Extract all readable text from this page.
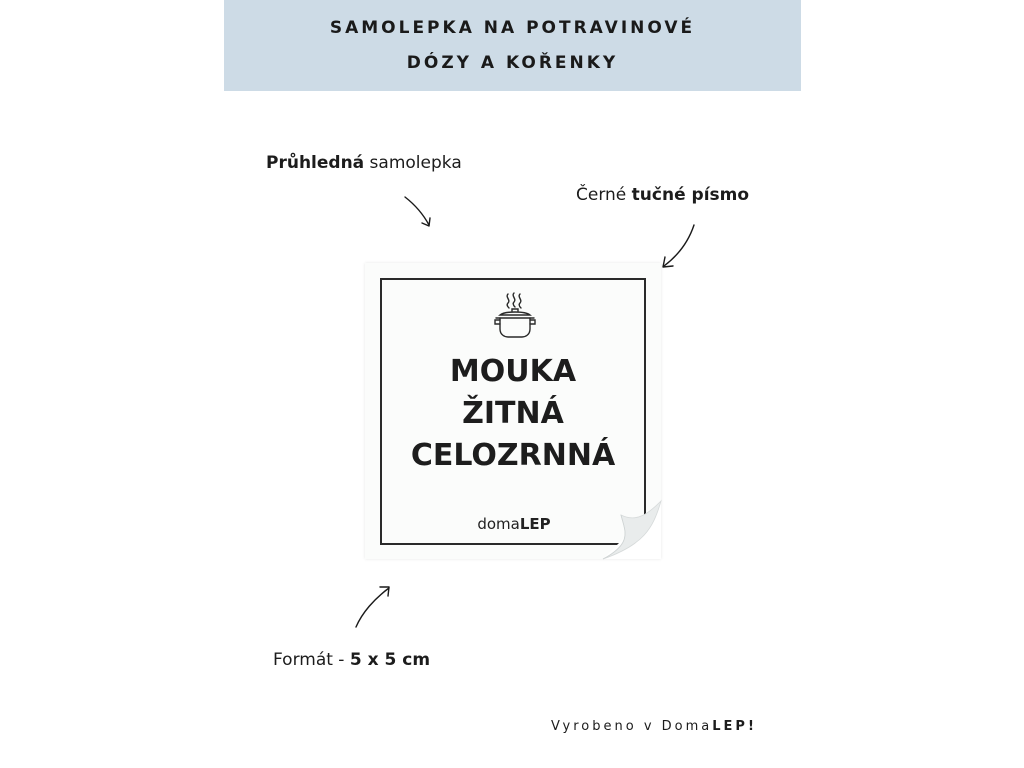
SAMOLEPKA NA POTRAVINOVÉ
DÓZY A KOŘENKY
Průhledná samolepka
Černé tučné písmo
MOUKA
ŽITNÁ
CELOZRNNÁ
domaLEP
Formát - 5 x 5 cm
Vyrobeno v DomaLEP!
